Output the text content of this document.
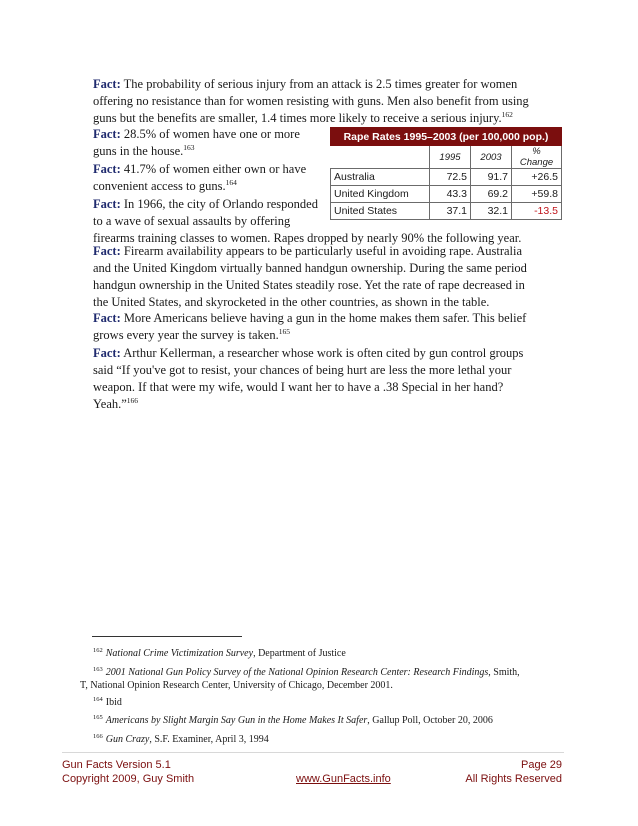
Fact: The probability of serious injury from an attack is 2.5 times greater for women
offering no resistance than for women resisting with guns. Men also benefit from using
guns but the benefits are smaller, 1.4 times more likely to receive a serious injury.$^{162}$
Fact: 28.5% of women have one or more
guns in the house.$^{163}$
Fact: 41.7% of women either own or have
convenient access to guns.$^{164}$
Fact: In 1966, the city of Orlando responded
to a wave of sexual assaults by offering
firearms training classes to women. Rapes dropped by nearly 90% the following year.
Fact: Firearm availability appears to be particularly useful in avoiding rape. Australia
and the United Kingdom virtually banned handgun ownership. During the same period
handgun ownership in the United States steadily rose. Yet the rate of rape decreased in
the United States, and skyrocketed in the other countries, as shown in the table.
Fact: More Americans believe having a gun in the home makes them safer. This belief
grows every year the survey is taken.$^{165}$
Fact: Arthur Kellerman, a researcher whose work is often cited by gun control groups
said “If you've got to resist, your chances of being hurt are less the more lethal your
weapon. If that were my wife, would I want her to have a .38 Special in her hand?
Yeah.”$^{166}$
Rape Rates 1995–2003 (per 100,000 pop.)			
	1995	2003	% Change
Australia	72.5	91.7	+26.5
United Kingdom	43.3	69.2	+59.8
United States	37.1	32.1	-13.5
$^{162}$ National Crime Victimization Survey, Department of Justice
$^{163}$ 2001 National Gun Policy Survey of the National Opinion Research Center: Research Findings, Smith,
T, National Opinion Research Center, University of Chicago, December 2001.
$^{164}$ Ibid
$^{165}$ Americans by Slight Margin Say Gun in the Home Makes It Safer, Gallup Poll, October 20, 2006
$^{166}$ Gun Crazy, S.F. Examiner, April 3, 1994

Gun Facts Version 5.1

Copyright 2009, Guy Smith	www.GunFacts.info

Page 29

All Rights Reserved
